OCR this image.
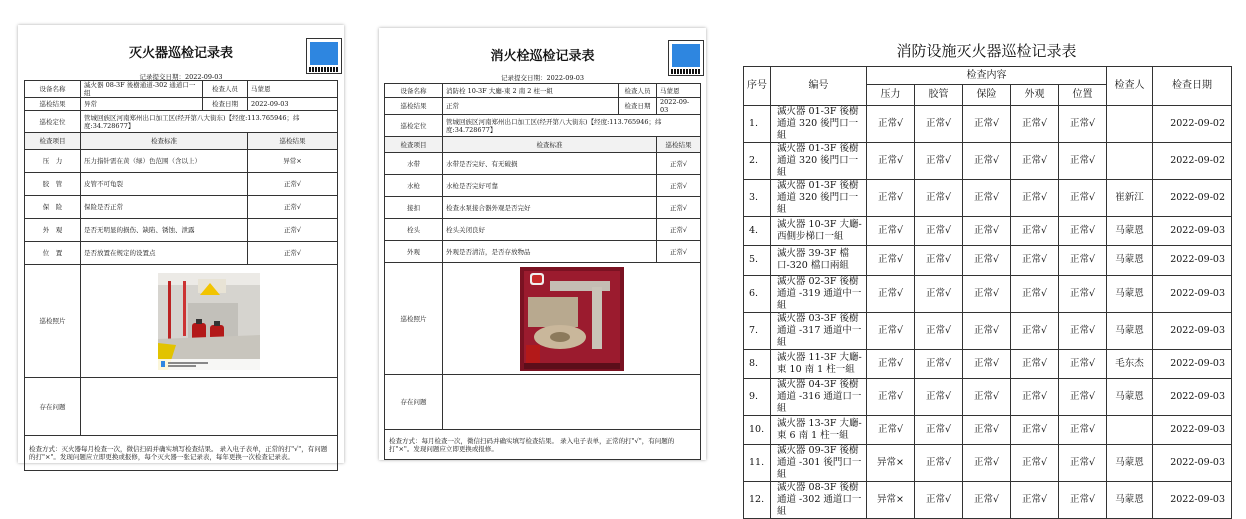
灭火器巡检记录表
记录提交日期：2022-09-03
设备名称	滅火器 08-3F 後樹通道-302 通道口一组	检查人员	马蒙恩
巡检结果	异常	检查日期	2022-09-03
巡检定位	管城回族区河南郑州出口加工区(经开第八大街东)【经度:113.765946；纬度:34.728677】		
检查项目	检查标准		巡检结果
压　力	压力指针需在黄（绿）色范围（含以上）		异常×
胶　管	皮管不可龟裂		正常√
保　险	保险是否正常		正常√
外　观	是否无明显的损伤、缺陷、锈蚀、泄露		正常√
位　置	是否放置在规定的设置点		正常√
巡检照片	

存在问题			
检查方式：灭火器每月检查一次，微信扫码并确实填写检查结果。 录入电子表单，正常的打"√"，有问题的打"×"。发现问题应立即更换或报修，每个灭火器一张记录表，每年更换一次检查记录表。			
消火栓巡检记录表
记录提交日期：2022-09-03
设备名称	消防栓 10-3F 大廳-東 2 南 2 柱一組	检查人员	马蒙恩
巡检结果	正常	检查日期	2022-09-03
巡检定位	管城回族区河南郑州出口加工区(经开第八大街东)【经度:113.765946；纬度:34.728677】		
检查项目	检查标准		巡检结果
水带	水带是否完好、有无破损		正常√
水枪	水枪是否完好可靠		正常√
接扣	检查水泵接合器外观是否完好		正常√
栓头	栓头关闭良好		正常√
外观	外观是否清洁，是否存放物品		正常√
巡检照片	

存在问题			
检查方式：每月检查一次，微信扫码并确实填写检查结果。 录入电子表单，正常的打"√"，有问题的打"×"。发现问题应立即更换或报修。			
消防设施灭火器巡检记录表
序号	编号	检查内容					检查人	检查日期
		压力	胶管	保险	外观	位置		
1.	滅火器 01-3F 後樹通道 320 後門口一組	正常√	正常√	正常√	正常√	正常√		2022-09-02
2.	滅火器 01-3F 後樹通道 320 後門口一組	正常√	正常√	正常√	正常√	正常√		2022-09-02
3.	滅火器 01-3F 後樹通道 320 後門口一組	正常√	正常√	正常√	正常√	正常√	崔新江	2022-09-02
4.	滅火器 10-3F 大廳-西側步梯口一組	正常√	正常√	正常√	正常√	正常√	马蒙恩	2022-09-03
5.	滅火器 39-3F 檔口-320 檔口兩組	正常√	正常√	正常√	正常√	正常√	马蒙恩	2022-09-03
6.	滅火器 02-3F 後樹通道 -319 通道中一組	正常√	正常√	正常√	正常√	正常√	马蒙恩	2022-09-03
7.	滅火器 03-3F 後樹通道 -317 通道中一組	正常√	正常√	正常√	正常√	正常√	马蒙恩	2022-09-03
8.	滅火器 11-3F 大廳-東 10 南 1 柱一組	正常√	正常√	正常√	正常√	正常√	毛东杰	2022-09-03
9.	滅火器 04-3F 後樹通道 -316 通道口一組	正常√	正常√	正常√	正常√	正常√	马蒙恩	2022-09-03
10.	滅火器 13-3F 大廳-東 6 南 1 柱一組	正常√	正常√	正常√	正常√	正常√		2022-09-03
11.	滅火器 09-3F 後樹通道 -301 後門口一組	异常×	正常√	正常√	正常√	正常√	马蒙恩	2022-09-03
12.	滅火器 08-3F 後樹通道 -302 通道口一組	异常×	正常√	正常√	正常√	正常√	马蒙恩	2022-09-03
